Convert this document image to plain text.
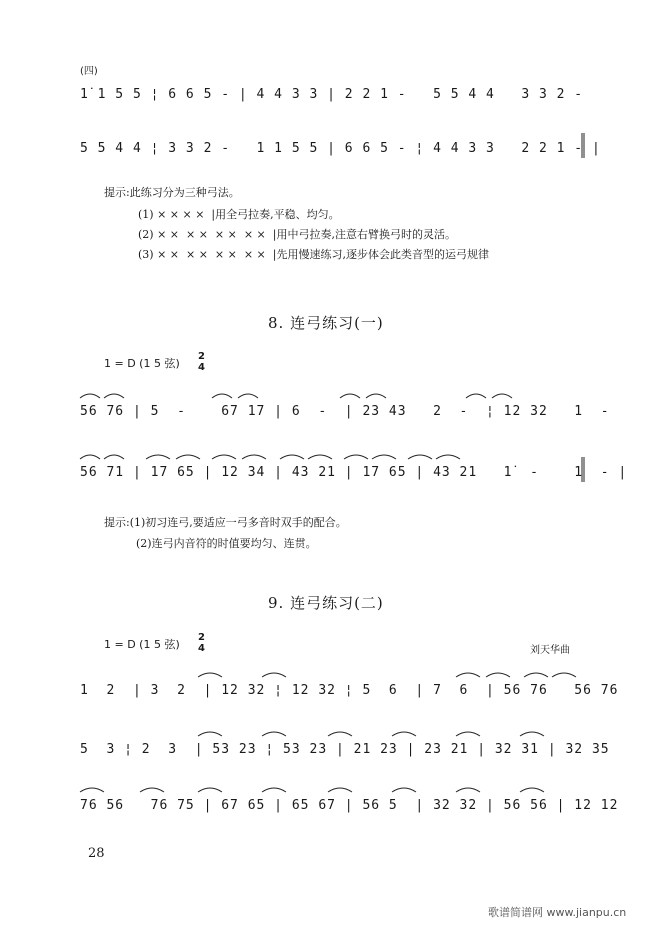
(四)
1̇ 1 5 5 ¦ 6 6 5 - | 4 4 3 3 | 2 2 1 -   5 5 4 4   3 3 2 -
5 5 4 4 ¦ 3 3 2 -   1 1 5 5 | 6 6 5 - ¦ 4 4 3 3   2 2 1 - |
提示:此练习分为三种弓法。
(1) × × × ×  |用全弓拉奏,平稳、均匀。
(2) × ×  × ×  × ×  × ×  |用中弓拉奏,注意右臂换弓时的灵活。
(3) × ×  × ×  × ×  × ×  |先用慢速练习,逐步体会此类音型的运弓规律
8. 连弓练习(一)
1 = D (1 5 弦)
2
4
56 76 | 5  -    67 17 | 6  -  | 23 43   2  -  ¦ 12 32   1  -
56 71 | 17 65 | 12 34 | 43 21 | 17 65 | 43 21   1̇  -    1  - |
提示:(1)初习连弓,要适应一弓多音时双手的配合。
(2)连弓内音符的时值要均匀、连贯。
9. 连弓练习(二)
1 = D (1 5 弦)
2
4	刘天华曲
1  2  | 3  2  | 12 32 ¦ 12 32 ¦ 5  6  | 7  6  | 56 76   56 76
5  3 ¦ 2  3  | 53 23 ¦ 53 23 | 21 23 | 23 21 | 32 31 | 32 35
76 56   76 75 | 67 65 | 65 67 | 56 5  | 32 32 | 56 56 | 12 12
28
歌谱简谱网 www.jianpu.cn
